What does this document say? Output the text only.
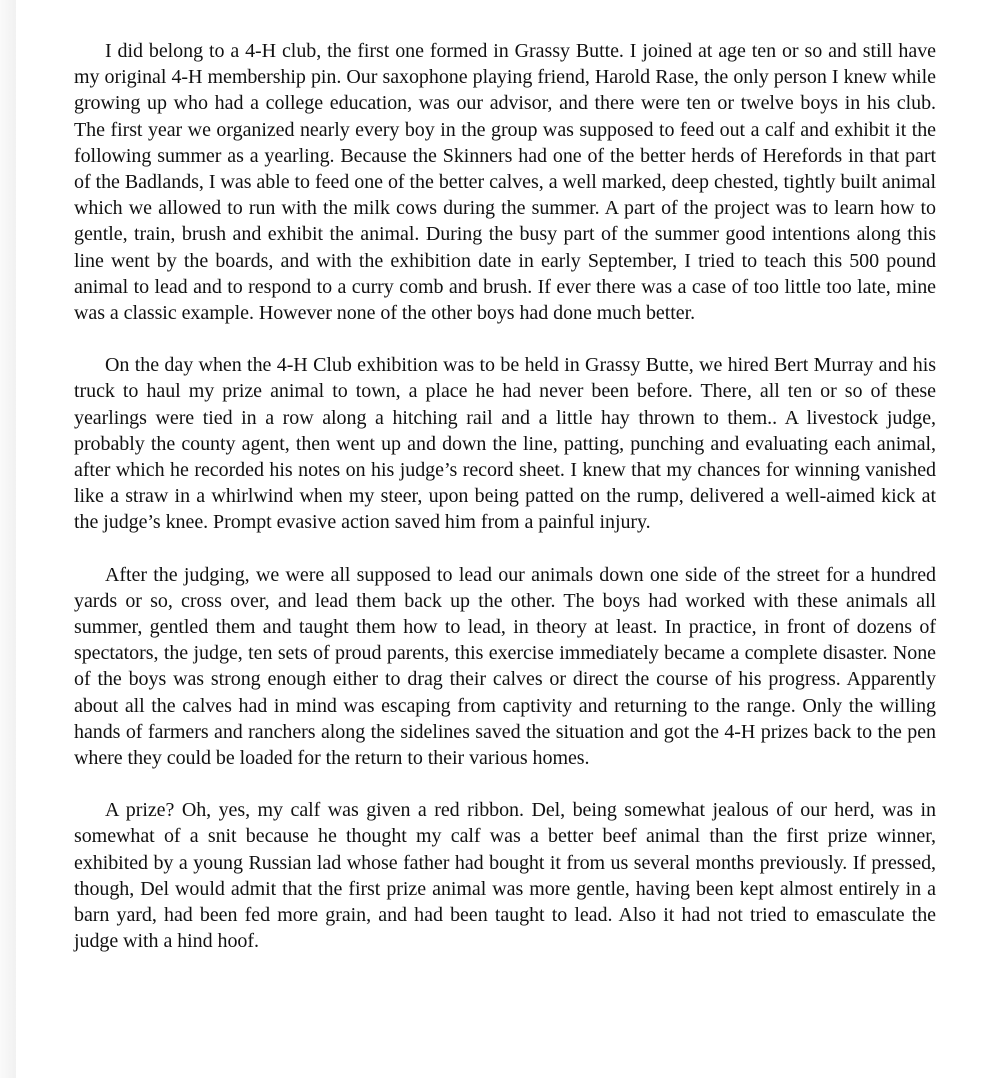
I did belong to a 4-H club, the first one formed in Grassy Butte. I joined at age ten or so and still have my original 4-H membership pin. Our saxophone playing friend, Harold Rase, the only person I knew while growing up who had a college education, was our advisor, and there were ten or twelve boys in his club. The first year we organized nearly every boy in the group was supposed to feed out a calf and exhibit it the following summer as a yearling. Because the Skinners had one of the better herds of Herefords in that part of the Badlands, I was able to feed one of the better calves, a well marked, deep chested, tightly built animal which we allowed to run with the milk cows during the summer. A part of the project was to learn how to gentle, train, brush and exhibit the animal. During the busy part of the summer good intentions along this line went by the boards, and with the exhibition date in early September, I tried to teach this 500 pound animal to lead and to respond to a curry comb and brush. If ever there was a case of too little too late, mine was a classic example. However none of the other boys had done much better.

On the day when the 4-H Club exhibition was to be held in Grassy Butte, we hired Bert Murray and his truck to haul my prize animal to town, a place he had never been before. There, all ten or so of these yearlings were tied in a row along a hitching rail and a little hay thrown to them.. A livestock judge, probably the county agent, then went up and down the line, patting, punching and evaluating each animal, after which he recorded his notes on his judge’s record sheet. I knew that my chances for winning vanished like a straw in a whirlwind when my steer, upon being patted on the rump, delivered a well-aimed kick at the judge’s knee. Prompt evasive action saved him from a painful injury.

After the judging, we were all supposed to lead our animals down one side of the street for a hundred yards or so, cross over, and lead them back up the other. The boys had worked with these animals all summer, gentled them and taught them how to lead, in theory at least. In practice, in front of dozens of spectators, the judge, ten sets of proud parents, this exercise immediately became a complete disaster. None of the boys was strong enough either to drag their calves or direct the course of his progress. Apparently about all the calves had in mind was escaping from captivity and returning to the range. Only the willing hands of farmers and ranchers along the sidelines saved the situation and got the 4-H prizes back to the pen where they could be loaded for the return to their various homes.

A prize? Oh, yes, my calf was given a red ribbon. Del, being somewhat jealous of our herd, was in somewhat of a snit because he thought my calf was a better beef animal than the first prize winner, exhibited by a young Russian lad whose father had bought it from us several months previously. If pressed, though, Del would admit that the first prize animal was more gentle, having been kept almost entirely in a barn yard, had been fed more grain, and had been taught to lead. Also it had not tried to emasculate the judge with a hind hoof.
